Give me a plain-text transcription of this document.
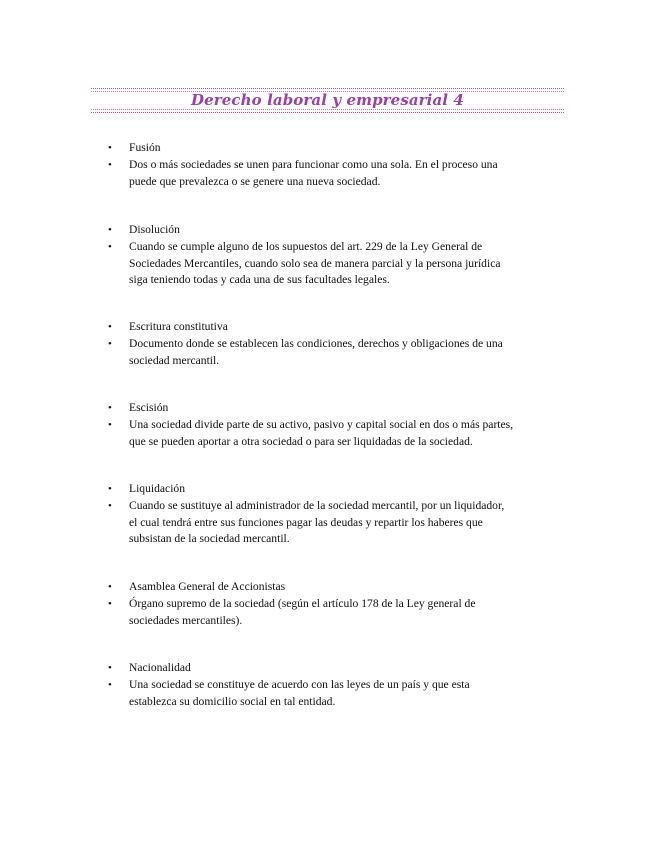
Derecho laboral y empresarial 4
•	Fusión
•	Dos o más sociedades se unen para funcionar como una sola. En el proceso una
puede que prevalezca o se genere una nueva sociedad.
•	Disolución
•	Cuando se cumple alguno de los supuestos del art. 229 de la Ley General de
Sociedades Mercantiles, cuando solo sea de manera parcial y la persona jurídica
siga teniendo todas y cada una de sus facultades legales.
•	Escritura constitutiva
•	Documento donde se establecen las condiciones, derechos y obligaciones de una
sociedad mercantil.
•	Escisión
•	Una sociedad divide parte de su activo, pasivo y capital social en dos o más partes,
que se pueden aportar a otra sociedad o para ser liquidadas de la sociedad.
•	Liquidación
•	Cuando se sustituye al administrador de la sociedad mercantil, por un liquidador,
el cual tendrá entre sus funciones pagar las deudas y repartir los haberes que
subsistan de la sociedad mercantil.
•	Asamblea General de Accionistas
•	Órgano supremo de la sociedad (según el artículo 178 de la Ley general de
sociedades mercantiles).
•	Nacionalidad
•	Una sociedad se constituye de acuerdo con las leyes de un país y que esta
establezca su domicilio social en tal entidad.
